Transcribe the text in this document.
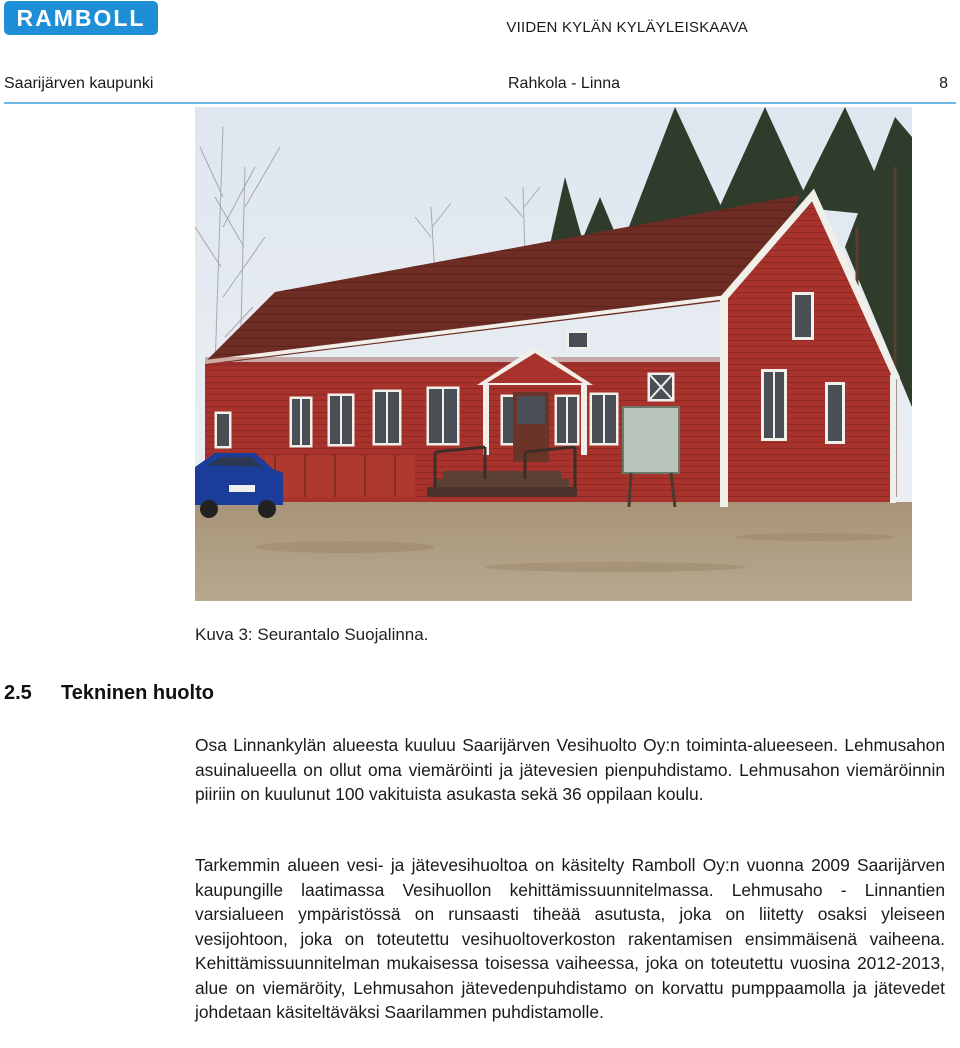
RAMBOLL	VIIDEN KYLÄN KYLÄYLEISKAAVA
Saarijärven kaupunki	Rahkola - Linna	8
Kuva 3: Seurantalo Suojalinna.
2.5 Tekninen huolto

Osa Linnankylän alueesta kuuluu Saarijärven Vesihuolto Oy:n toiminta-alueeseen. Lehmusahon asuinalueella on ollut oma viemäröinti ja jätevesien pienpuhdistamo. Lehmusahon viemäröinnin piiriin on kuulunut 100 vakituista asukasta sekä 36 oppilaan koulu.

Tarkemmin alueen vesi- ja jätevesihuoltoa on käsitelty Ramboll Oy:n vuonna 2009 Saarijärven kaupungille laatimassa Vesihuollon kehittämissuunnitelmassa. Lehmusaho - Linnantien varsialueen ympäristössä on runsaasti tiheää asutusta, joka on liitetty osaksi yleiseen vesijohtoon, joka on toteutettu vesihuoltoverkoston rakentamisen ensimmäisenä vaiheena. Kehittämissuunnitelman mukaisessa toisessa vaiheessa, joka on toteutettu vuosina 2012-2013, alue on viemäröity, Lehmusahon jätevedenpuhdistamo on korvattu pumppaamolla ja jätevedet johdetaan käsiteltäväksi Saarilammen puhdistamolle.
